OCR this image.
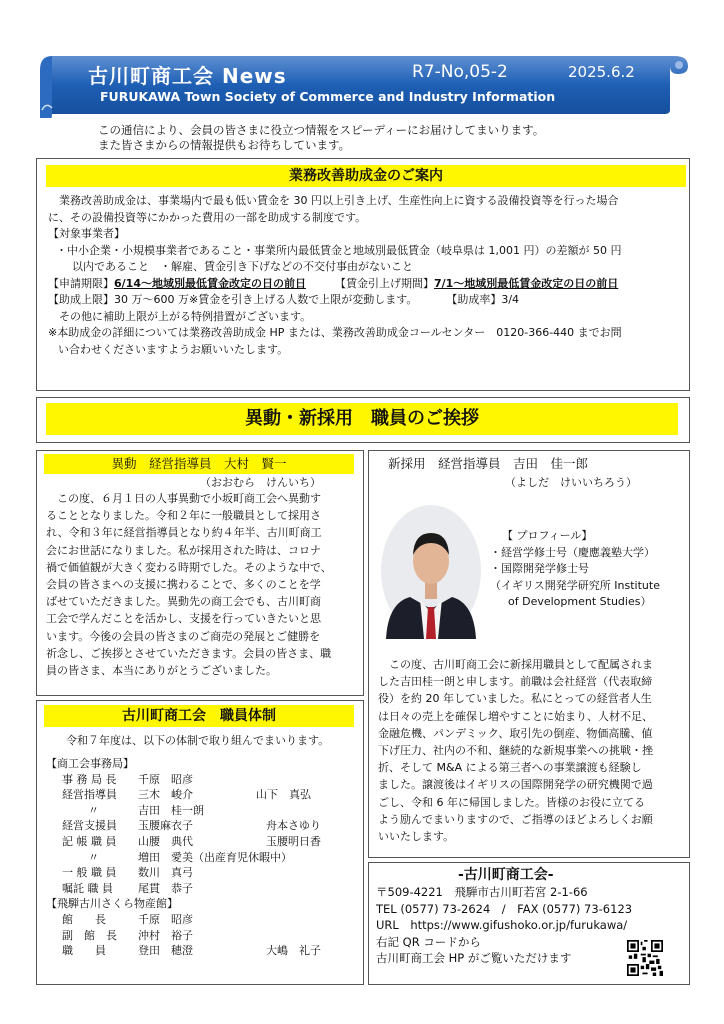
古川町商工会 News	R7-No,05-2	2025.6.2
FURUKAWA Town Society of Commerce and Industry Information
この通信により、会員の皆さまに役立つ情報をスピーディーにお届けしてまいります。
また皆さまからの情報提供もお待ちしています。
業務改善助成金のご案内
　業務改善助成金は、事業場内で最も低い賃金を 30 円以上引き上げ、生産性向上に資する設備投資等を行った場合
に、その設備投資等にかかった費用の一部を助成する制度です。
【対象事業者】
・中小企業・小規模事業者であること・事業所内最低賃金と地域別最低賃金（岐阜県は 1,001 円）の差額が 50 円
以内であること　・解雇、賃金引き下げなどの不交付事由がないこと
【申請期限】6/14～地域別最低賃金改定の日の前日	【賃金引上げ期間】7/1～地域別最低賃金改定の日の前日
【助成上限】30 万～600 万※賃金を引き上げる人数で上限が変動します。	【助成率】3/4
　その他に補助上限が上がる特例措置がございます。
※本助成金の詳細については業務改善助成金 HP または、業務改善助成金コールセンター　0120-366-440 までお問
い合わせくださいますようお願いいたします。
異動・新採用　職員のご挨拶
異動　経営指導員　大村　賢一
（おおむら　けんいち）
　この度、６月１日の人事異動で小坂町商工会へ異動す
ることとなりました。令和２年に一般職員として採用さ
れ、令和３年に経営指導員となり約４年半、古川町商工
会にお世話になりました。私が採用された時は、コロナ
禍で価値観が大きく変わる時期でした。そのような中で、
会員の皆さまへの支援に携わることで、多くのことを学
ばせていただきました。異動先の商工会でも、古川町商
工会で学んだことを活かし、支援を行っていきたいと思
います。今後の会員の皆さまのご商売の発展とご健勝を
祈念し、ご挨拶とさせていただきます。会員の皆さま、職
員の皆さま、本当にありがとうございました。
新採用　経営指導員　吉田　佳一郎
（よしだ　けいいちろう）
【 プロフィール】
・経営学修士号（慶應義塾大学）
・国際開発学修士号
（イギリス開発学研究所 Institute
of Development Studies）
　この度、古川町商工会に新採用職員として配属されま
した吉田桂一朗と申します。前職は会社経営（代表取締
役）を約 20 年していました。私にとっての経営者人生
は日々の売上を確保し増やすことに始まり、人材不足、
金融危機、パンデミック、取引先の倒産、物価高騰、値
下げ圧力、社内の不和、継続的な新規事業への挑戦・挫
折、そして M&A による第三者への事業譲渡も経験し
ました。譲渡後はイギリスの国際開発学の研究機関で過
ごし、令和 6 年に帰国しました。皆様のお役に立てる
よう励んでまいりますので、ご指導のほどよろしくお願
いいたします。
古川町商工会　職員体制
令和７年度は、以下の体制で取り組んでまいります。
【商工会事務局】
事 務 局 長 千原　昭彦
経営指導員 三木　峻介	山下　真弘
〃	吉田　桂一朗
経営支援員 玉腰麻衣子	舟本さゆり
記 帳 職 員 山腰　典代	玉腰明日香
〃	増田　愛美（出産育児休暇中）
一 般 職 員 数川　真弓
嘱託 職 員 尾貫　恭子
【飛騨古川さくら物産館】
館　　長	千原　昭彦
副　館　長 沖村　裕子
職　　員	登田　穂澄	大嶋　礼子
-古川町商工会-
〒509-4221　飛騨市古川町若宮 2-1-66
TEL (0577) 73-2624　/　FAX (0577) 73-6123
URL　https://www.gifushoko.or.jp/furukawa/
右記 QR コードから
古川町商工会 HP がご覧いただけます
